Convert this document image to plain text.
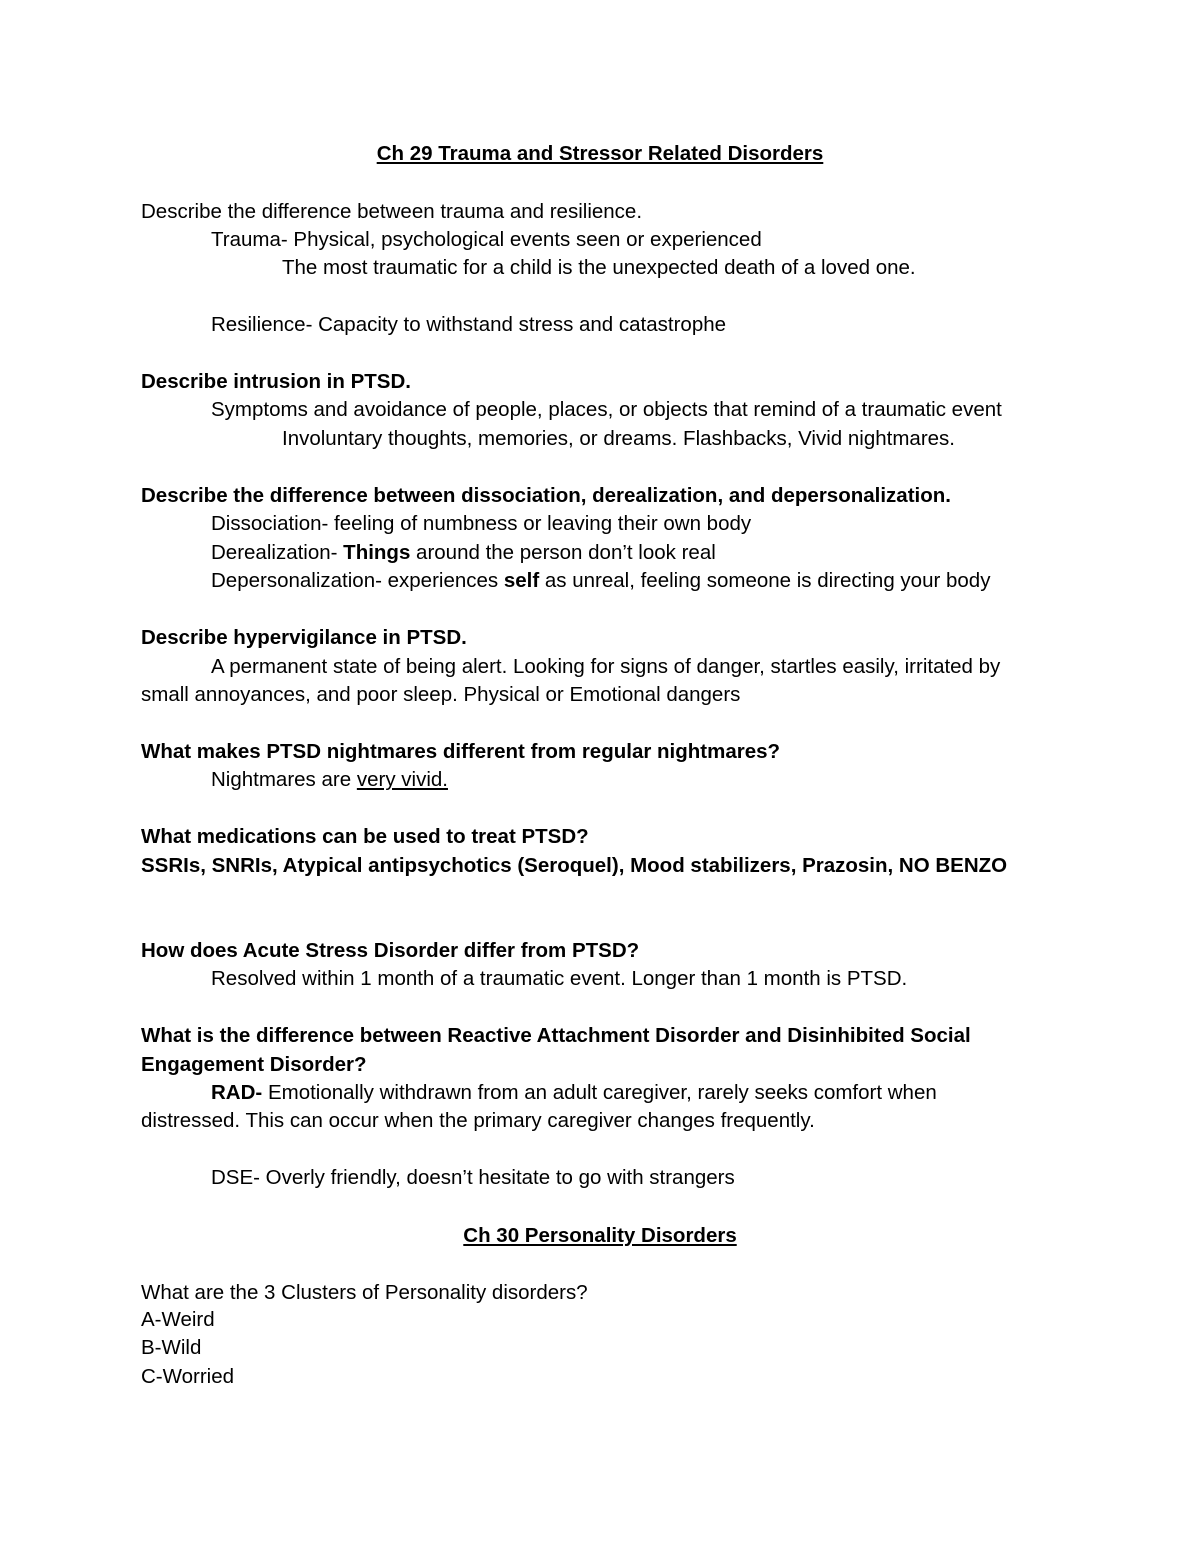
Ch 29 Trauma and Stressor Related Disorders
Describe the difference between trauma and resilience.
Trauma- Physical, psychological events seen or experienced
The most traumatic for a child is the unexpected death of a loved one.
Resilience- Capacity to withstand stress and catastrophe
Describe intrusion in PTSD.
Symptoms and avoidance of people, places, or objects that remind of a traumatic event
Involuntary thoughts, memories, or dreams. Flashbacks, Vivid nightmares.
Describe the difference between dissociation, derealization, and depersonalization.
Dissociation- feeling of numbness or leaving their own body
Derealization- Things around the person don’t look real
Depersonalization- experiences self as unreal, feeling someone is directing your body
Describe hypervigilance in PTSD.
A permanent state of being alert. Looking for signs of danger, startles easily, irritated by
small annoyances, and poor sleep. Physical or Emotional dangers
What makes PTSD nightmares different from regular nightmares?
Nightmares are very vivid.
What medications can be used to treat PTSD?
SSRIs, SNRIs, Atypical antipsychotics (Seroquel), Mood stabilizers, Prazosin, NO BENZO
How does Acute Stress Disorder differ from PTSD?
Resolved within 1 month of a traumatic event. Longer than 1 month is PTSD.
What is the difference between Reactive Attachment Disorder and Disinhibited Social
Engagement Disorder?
RAD- Emotionally withdrawn from an adult caregiver, rarely seeks comfort when
distressed. This can occur when the primary caregiver changes frequently.
DSE- Overly friendly, doesn’t hesitate to go with strangers
Ch 30 Personality Disorders
What are the 3 Clusters of Personality disorders?
A-Weird
B-Wild
C-Worried
